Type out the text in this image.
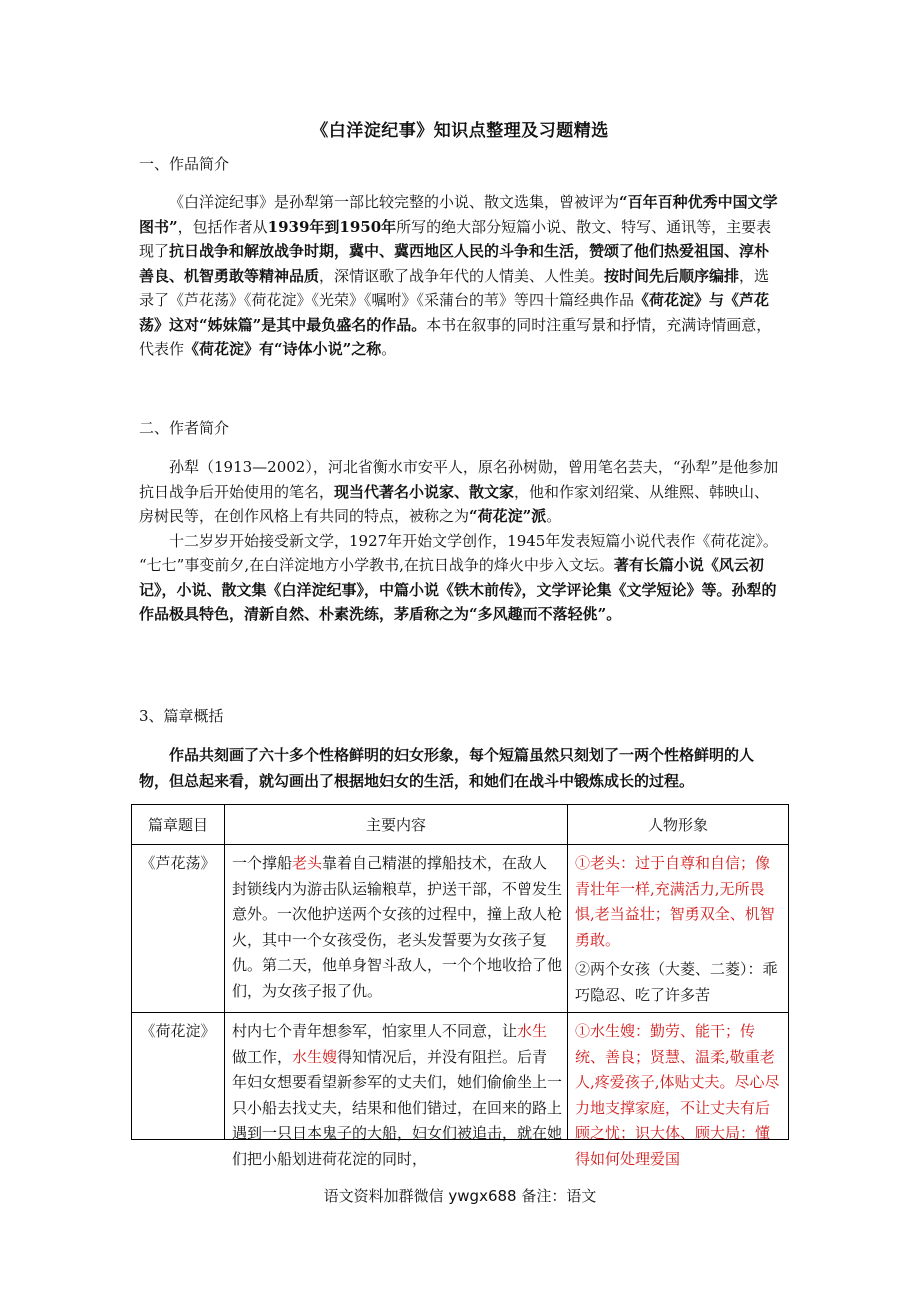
《白洋淀纪事》知识点整理及习题精选
一、作品简介

《白洋淀纪事》是孙犁第一部比较完整的小说、散文选集，曾被评为“百年百种优秀中国文学图书”，包括作者从1939年到1950年所写的绝大部分短篇小说、散文、特写、通讯等，主要表现了抗日战争和解放战争时期，冀中、冀西地区人民的斗争和生活，赞颂了他们热爱祖国、淳朴善良、机智勇敢等精神品质，深情讴歌了战争年代的人情美、人性美。按时间先后顺序编排，选录了《芦花荡》《荷花淀》《光荣》《嘱咐》《采蒲台的苇》等四十篇经典作品《荷花淀》与《芦花荡》这对“姊妹篇”是其中最负盛名的作品。本书在叙事的同时注重写景和抒情，充满诗情画意，代表作《荷花淀》有“诗体小说”之称。

二、作者简介

孙犁（1913—2002），河北省衡水市安平人，原名孙树勋，曾用笔名芸夫，“孙犁”是他参加抗日战争后开始使用的笔名，现当代著名小说家、散文家，他和作家刘绍棠、从维熙、韩映山、房树民等，在创作风格上有共同的特点，被称之为“荷花淀”派。

十二岁岁开始接受新文学，1927年开始文学创作，1945年发表短篇小说代表作《荷花淀》。 “七七”事变前夕,在白洋淀地方小学教书,在抗日战争的烽火中步入文坛。著有长篇小说《风云初记》，小说、散文集《白洋淀纪事》，中篇小说《铁木前传》，文学评论集《文学短论》等。孙犁的作品极具特色，清新自然、朴素洗练，茅盾称之为“多风趣而不落轻佻”。

3、篇章概括

作品共刻画了六十多个性格鲜明的妇女形象，每个短篇虽然只刻划了一两个性格鲜明的人物，但总起来看，就勾画出了根据地妇女的生活，和她们在战斗中锻炼成长的过程。

篇章题目	主要内容	人物形象

《芦花荡》	一个撑船老头靠着自己精湛的撑船技术，在敌人封锁线内为游击队运输粮草，护送干部，不曾发生意外。一次他护送两个女孩的过程中，撞上敌人枪火，其中一个女孩受伤，老头发誓要为女孩子复仇。第二天，他单身智斗敌人，一个个地收拾了他们，为女孩子报了仇。	①老头：过于自尊和自信；像青壮年一样,充满活力,无所畏惧,老当益壮；智勇双全、机智勇敢。
②两个女孩（大菱、二菱）：乖巧隐忍、吃了许多苦

《荷花淀》	村内七个青年想参军，怕家里人不同意，让水生做工作，水生嫂得知情况后，并没有阻拦。后青年妇女想要看望新参军的丈夫们，她们偷偷坐上一只小船去找丈夫，结果和他们错过，在回来的路上遇到一只日本鬼子的大船，妇女们被追击，就在她们把小船划进荷花淀的同时，	①水生嫂：勤劳、能干；传统、善良；贤慧、温柔,敬重老人,疼爱孩子,体贴丈夫。尽心尽力地支撑家庭，不让丈夫有后顾之忧；识大体、顾大局：懂得如何处理爱国
语文资料加群微信 ywgx688 备注：语文
